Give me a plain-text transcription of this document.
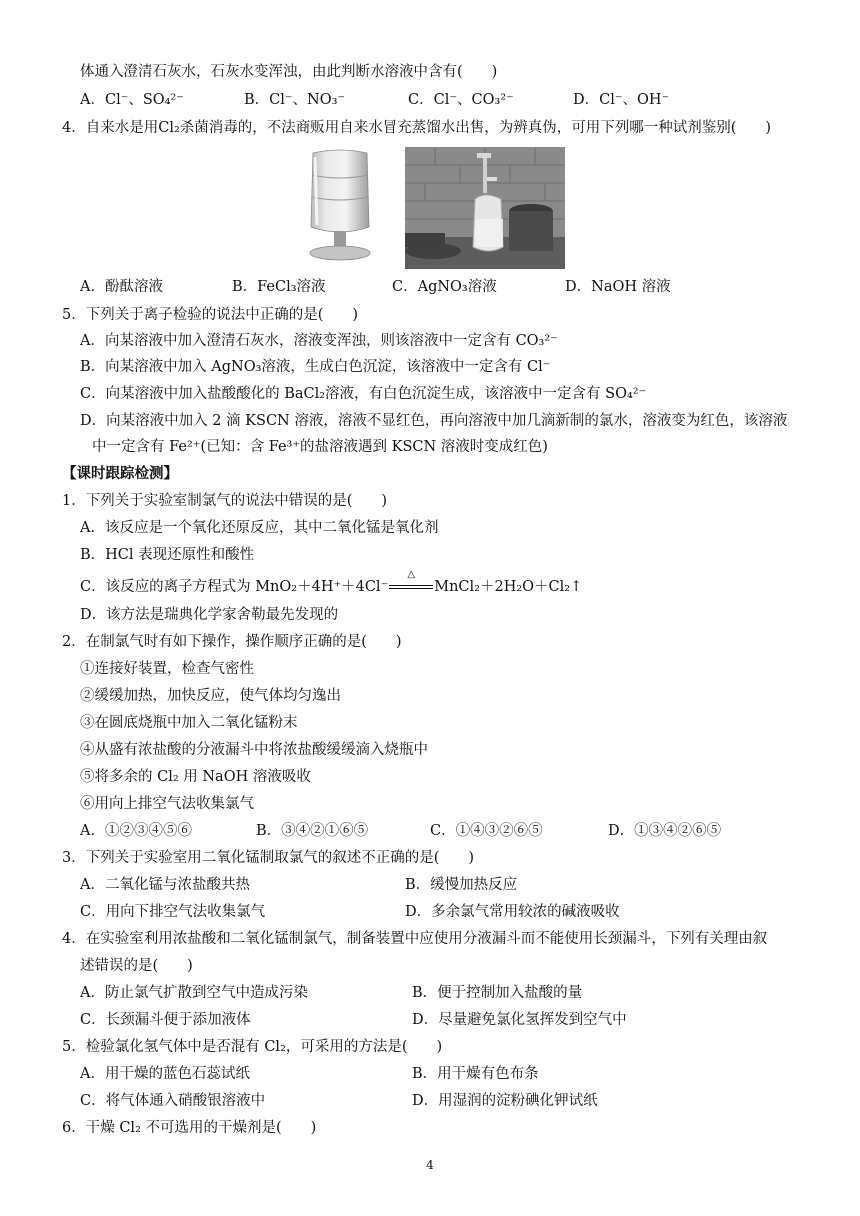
体通入澄清石灰水，石灰水变浑浊，由此判断水溶液中含有(　　)
A．Cl⁻、SO₄²⁻	B．Cl⁻、NO₃⁻	C．Cl⁻、CO₃²⁻	D．Cl⁻、OH⁻
4．自来水是用Cl₂杀菌消毒的，不法商贩用自来水冒充蒸馏水出售，为辨真伪，可用下列哪一种试剂鉴别(　　)
A．酚酞溶液	B．FeCl₃溶液	C．AgNO₃溶液	D．NaOH 溶液
5．下列关于离子检验的说法中正确的是(　　)
A．向某溶液中加入澄清石灰水，溶液变浑浊，则该溶液中一定含有 CO₃²⁻
B．向某溶液中加入 AgNO₃溶液，生成白色沉淀，该溶液中一定含有 Cl⁻
C．向某溶液中加入盐酸酸化的 BaCl₂溶液，有白色沉淀生成，该溶液中一定含有 SO₄²⁻
D．向某溶液中加入 2 滴 KSCN 溶液，溶液不显红色，再向溶液中加几滴新制的氯水，溶液变为红色，该溶液
中一定含有 Fe²⁺(已知：含 Fe³⁺的盐溶液遇到 KSCN 溶液时变成红色)
【课时跟踪检测】
1．下列关于实验室制氯气的说法中错误的是(　　)
A．该反应是一个氧化还原反应，其中二氧化锰是氧化剂
B．HCl 表现还原性和酸性
C．该反应的离子方程式为 MnO₂＋4H⁺＋4Cl⁻
△
MnCl₂＋2H₂O＋Cl₂↑
D．该方法是瑞典化学家舍勒最先发现的
2．在制氯气时有如下操作，操作顺序正确的是(　　)
①连接好装置，检查气密性
②缓缓加热，加快反应，使气体均匀逸出
③在圆底烧瓶中加入二氧化锰粉末
④从盛有浓盐酸的分液漏斗中将浓盐酸缓缓滴入烧瓶中
⑤将多余的 Cl₂ 用 NaOH 溶液吸收
⑥用向上排空气法收集氯气
A．①②③④⑤⑥	B．③④②①⑥⑤	C．①④③②⑥⑤	D．①③④②⑥⑤
3．下列关于实验室用二氧化锰制取氯气的叙述不正确的是(　　)
A．二氧化锰与浓盐酸共热	B．缓慢加热反应
C．用向下排空气法收集氯气	D．多余氯气常用较浓的碱液吸收
4．在实验室利用浓盐酸和二氧化锰制氯气，制备装置中应使用分液漏斗而不能使用长颈漏斗，下列有关理由叙
述错误的是(　　)
A．防止氯气扩散到空气中造成污染	B．便于控制加入盐酸的量
C．长颈漏斗便于添加液体	D．尽量避免氯化氢挥发到空气中
5．检验氯化氢气体中是否混有 Cl₂，可采用的方法是(　　)
A．用干燥的蓝色石蕊试纸	B．用干燥有色布条
C．将气体通入硝酸银溶液中	D．用湿润的淀粉碘化钾试纸
6．干燥 Cl₂ 不可选用的干燥剂是(　　)
4
